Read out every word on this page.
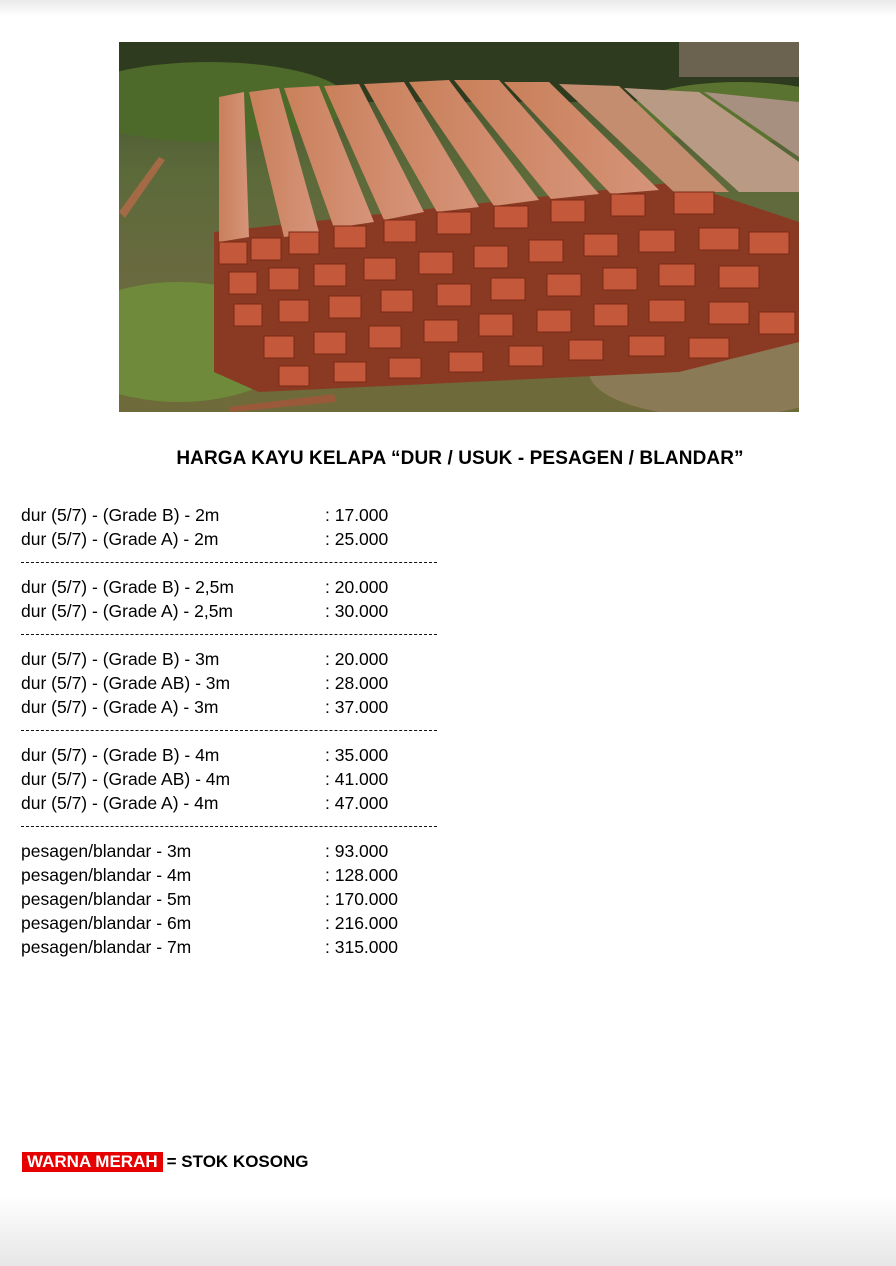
HARGA KAYU KELAPA “DUR / USUK - PESAGEN / BLANDAR”
dur (5/7) - (Grade B) - 2m	: 17.000
dur (5/7) - (Grade A) - 2m	: 25.000
dur (5/7) - (Grade B) - 2,5m	: 20.000
dur (5/7) - (Grade A) - 2,5m	: 30.000
dur (5/7) - (Grade B) - 3m	: 20.000
dur (5/7) - (Grade AB) - 3m	: 28.000
dur (5/7) - (Grade A) - 3m	: 37.000
dur (5/7) - (Grade B) - 4m	: 35.000
dur (5/7) - (Grade AB) - 4m	: 41.000
dur (5/7) - (Grade A) - 4m	: 47.000
pesagen/blandar - 3m	: 93.000
pesagen/blandar - 4m	: 128.000
pesagen/blandar - 5m	: 170.000
pesagen/blandar - 6m	: 216.000
pesagen/blandar - 7m	: 315.000
WARNA MERAH = STOK KOSONG
